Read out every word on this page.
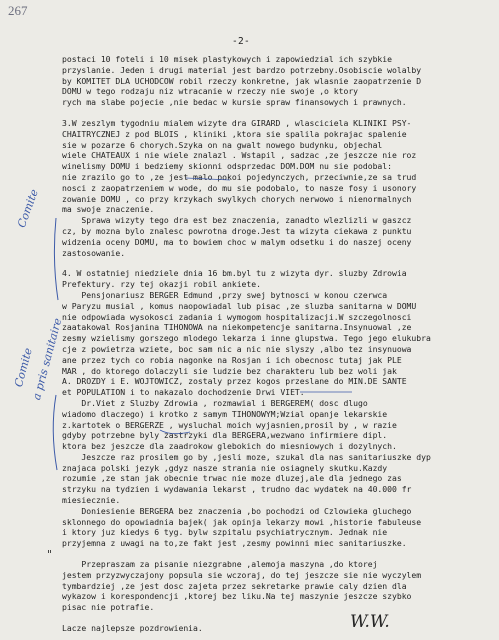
267
-2-
postaci 10 foteli i 10 misek plastykowych i zapowiedzial ich szybkie
przyslanie. Jeden i drugi material jest bardzo potrzebny.Osobiscie wolalby
by KOMITET DLA UCHODCOW robil rzeczy konkretne, jak wlasnie zaopatrzenie D
DOMU w tego rodzaju niz wtracanie w rzeczy nie swoje ,o ktory
rych ma slabe pojecie ,nie bedac w kursie spraw finansowych i prawnych.
3.W zeszlym tygodniu mialem wizyte dra GIRARD , wlasciciela KLINIKI PSY-
CHAITRYCZNEJ z pod BLOIS , kliniki ,ktora sie spalila pokrajac spalenie
sie w pozarze 6 chorych.Szyka on na gwalt nowego budynku, objechal
wiele CHATEAUX i nie wiele znalazl . Wstapil , sadzac ,ze jeszcze nie roz
winelismy DOMU i bedziemy skionni odsprzedac DOM.DOM nu sie podobal:
nie zrazilo go to ,ze jest malo pokoi pojedynczych, przeciwnie,ze sa trud
nosci z zaopatrzeniem w wode, do mu sie podobalo, to nasze fosy i usonory
zowanie DOMU , co przy krzykach swylkych chorych nerwowo i nienormalnych
ma swoje znaczenie.
Sprawa wizyty tego dra est bez znaczenia, zanadto wlezlizli w gaszcz
cz, by mozna bylo znalesc powrotna droge.Jest ta wizyta ciekawa z punktu
widzenia oceny DOMU, ma to bowiem choc w malym odsetku i do naszej oceny
zastosowanie.
4. W ostatniej niedziele dnia 16 bm.byl tu z wizyta dyr. sluzby Zdrowia
Prefektury. rzy tej okazji robil ankiete.
Pensjonariusz BERGER Edmund ,przy swej bytnosci w konou czerwca
w Paryzu musial , komus naopowiadal lub pisac ,ze sluzba sanitarna w DOMU
nie odpowiada wysokosci zadania i wymogom hospitalizacji.W szczegolnosci
zaatakowal Rosjanina TIHONOWA na niekompetencje sanitarna.Insynuowal ,ze
zesmy wzielismy gorszego mlodego lekarza i inne glupstwa. Tego jego elukubra
cje z powietrza wziete, boc sam nic a nic nie slyszy ,albo tez insynuowa
ane przez tych co robia nagonke na Rosjan i ich obecnosc tutaj jak PLE
MAR , do ktorego dolaczyli sie ludzie bez charakteru lub bez woli jak
A. DROZDY i E. WOJTOWICZ, zostaly przez kogos przeslane do MIN.DE SANTE
et POPULATION i to nakazalo dochodzenie Drwi VIET.
Dr.Viet z Sluzby Zdrowia , rozmawial i BERGEREM( dosc dlugo
wiadomo dlaczego) i krotko z samym TIHONOWYM;Wzial opanje lekarskie
z.kartotek o BERGERZE , wysluchal moich wyjasnien,prosil by , w razie
gdyby potrzebne byly zastrzyki dla BERGERA,wezwano infirmiere dipl.
ktora bez jeszcze dla zaadrokow glebokich do miesniowych i dozylnych.
Jeszcze raz prosilem go by ,jesli moze, szukal dla nas sanitariuszke dyp
znajaca polski jezyk ,gdyz nasze strania nie osiagnely skutku.Kazdy
rozumie ,ze stan jak obecnie trwac nie moze dluzej,ale dla jednego zas
strzyku na tydzien i wydawania lekarst , trudno dac wydatek na 40.000 fr
miesiecznie.
Doniesienie BERGERA bez znaczenia ,bo pochodzi od Czlowieka gluchego
sklonnego do opowiadnia bajek( jak opinja lekarzy mowi ,historie fabuleuse
i ktory juz kiedys 6 tyg. bylw szpitalu psychiatrycznym. Jednak nie
przyjemna z uwagi na to,ze fakt jest ,zesmy powinni miec sanitariuszke.
Przepraszam za pisanie niezgrabne ,alemoja maszyna ,do ktorej
jestem przyzwyczajony popsula sie wczoraj, do tej jeszcze sie nie wyczylem
tymbardziej ,ze jest dosc zajeta przez sekretarke prawie caly dzien dla
wykazow i korespondencji ,ktorej bez liku.Na tej maszynie jeszcze szybko
pisac nie potrafie.
Lacze najlepsze pozdrowienia.
Comite
Comite
a pris sanitaire
"
W.W.
